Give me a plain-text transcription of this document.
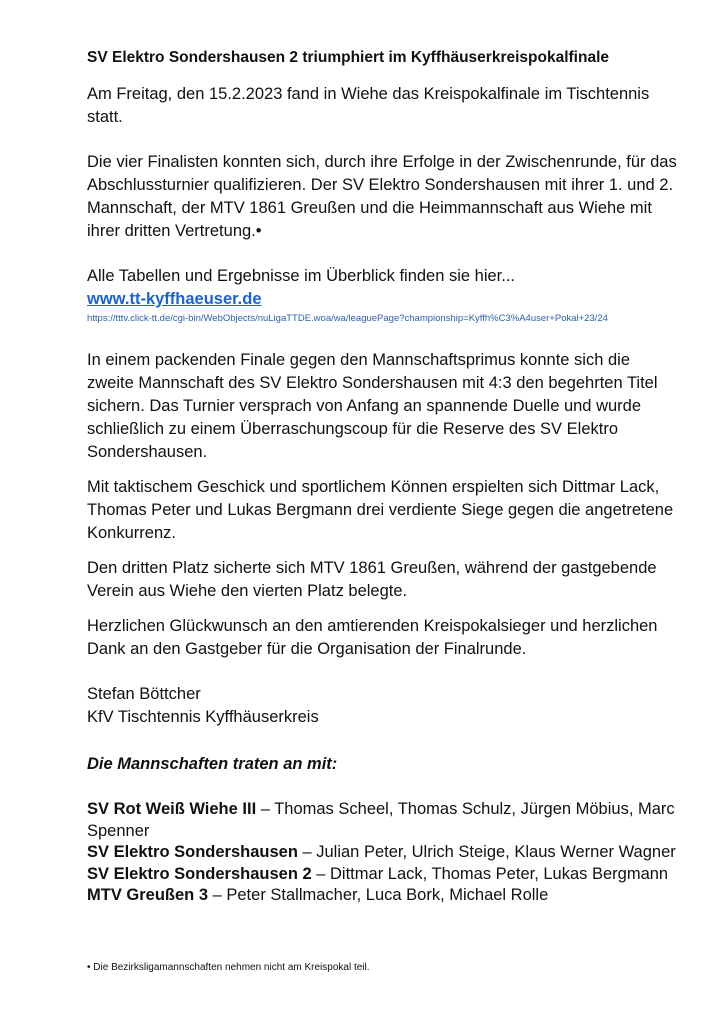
SV Elektro Sondershausen 2 triumphiert im Kyffhäuserkreispokalfinale

Am Freitag, den 15.2.2023 fand in Wiehe das Kreispokalfinale im Tischtennis statt.

Die vier Finalisten konnten sich, durch ihre Erfolge in der Zwischenrunde, für das Abschlussturnier qualifizieren. Der SV Elektro Sondershausen mit ihrer 1. und 2. Mannschaft, der MTV 1861 Greußen und die Heimmannschaft aus Wiehe mit ihrer dritten Vertretung.•

Alle Tabellen und Ergebnisse im Überblick finden sie hier...

www.tt-kyffhaeuser.de

https://tttv.click-tt.de/cgi-bin/WebObjects/nuLigaTTDE.woa/wa/leaguePage?championship=Kyffh%C3%A4user+Pokal+23/24

In einem packenden Finale gegen den Mannschaftsprimus konnte sich die zweite Mannschaft des SV Elektro Sondershausen mit 4:3 den begehrten Titel sichern. Das Turnier versprach von Anfang an spannende Duelle und wurde schließlich zu einem Überraschungscoup für die Reserve des SV Elektro Sondershausen.

Mit taktischem Geschick und sportlichem Können erspielten sich Dittmar Lack, Thomas Peter und Lukas Bergmann drei verdiente Siege gegen die angetretene Konkurrenz.

Den dritten Platz sicherte sich MTV 1861 Greußen, während der gastgebende Verein aus Wiehe den vierten Platz belegte.

Herzlichen Glückwunsch an den amtierenden Kreispokalsieger und herzlichen Dank an den Gastgeber für die Organisation der Finalrunde.

Stefan Böttcher

KfV Tischtennis Kyffhäuserkreis

Die Mannschaften traten an mit:

SV Rot Weiß Wiehe III – Thomas Scheel, Thomas Schulz, Jürgen Möbius, Marc Spenner

SV Elektro Sondershausen – Julian Peter, Ulrich Steige, Klaus Werner Wagner

SV Elektro Sondershausen 2 – Dittmar Lack, Thomas Peter, Lukas Bergmann

MTV Greußen 3 – Peter Stallmacher, Luca Bork, Michael Rolle

• Die Bezirksligamannschaften nehmen nicht am Kreispokal teil.
